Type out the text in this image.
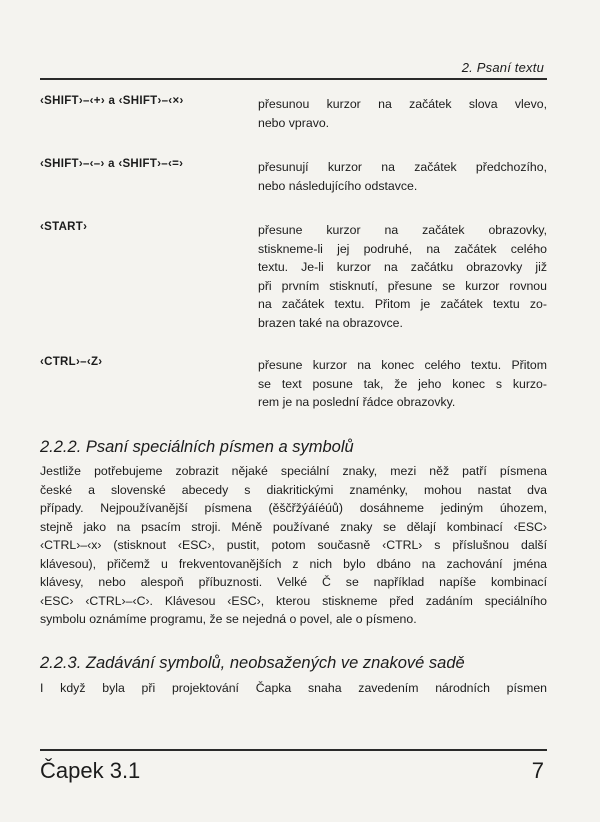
2. Psaní textu
‹SHIFT›–‹+› a ‹SHIFT›–‹×›	přesunou kurzor na začátek slova vlevo,
nebo vpravo.
‹SHIFT›–‹–› a ‹SHIFT›–‹=›	přesunují kurzor na začátek předchozího,
nebo následujícího odstavce.
‹START›	přesune kurzor na začátek obrazovky,
stiskneme-li jej podruhé, na začátek celého
textu. Je-li kurzor na začátku obrazovky již
při prvním stisknutí, přesune se kurzor rovnou
na začátek textu. Přitom je začátek textu zo-
brazen také na obrazovce.
‹CTRL›–‹Z›	přesune kurzor na konec celého textu. Přitom
se text posune tak, že jeho konec s kurzo-
rem je na poslední řádce obrazovky.
2.2.2. Psaní speciálních písmen a symbolů
Jestliže potřebujeme zobrazit nějaké speciální znaky, mezi něž patří písmena
české a slovenské abecedy s diakritickými znaménky, mohou nastat dva
případy. Nejpoužívanější písmena (ěščřžýáíéúů) dosáhneme jediným úhozem,
stejně jako na psacím stroji. Méně používané znaky se dělají kombinací ‹ESC›
‹CTRL›–‹x› (stisknout ‹ESC›, pustit, potom současně ‹CTRL› s příslušnou další
klávesou), přičemž u frekventovanějších z nich bylo dbáno na zachování jména
klávesy, nebo alespoň příbuznosti. Velké Č se například napíše kombinací
‹ESC› ‹CTRL›–‹C›. Klávesou ‹ESC›, kterou stiskneme před zadáním speciálního
symbolu oznámíme programu, že se nejedná o povel, ale o písmeno.
2.2.3. Zadávání symbolů, neobsažených ve znakové sadě
I když byla při projektování Čapka snaha zavedením národních písmen
Čapek 3.1	7
